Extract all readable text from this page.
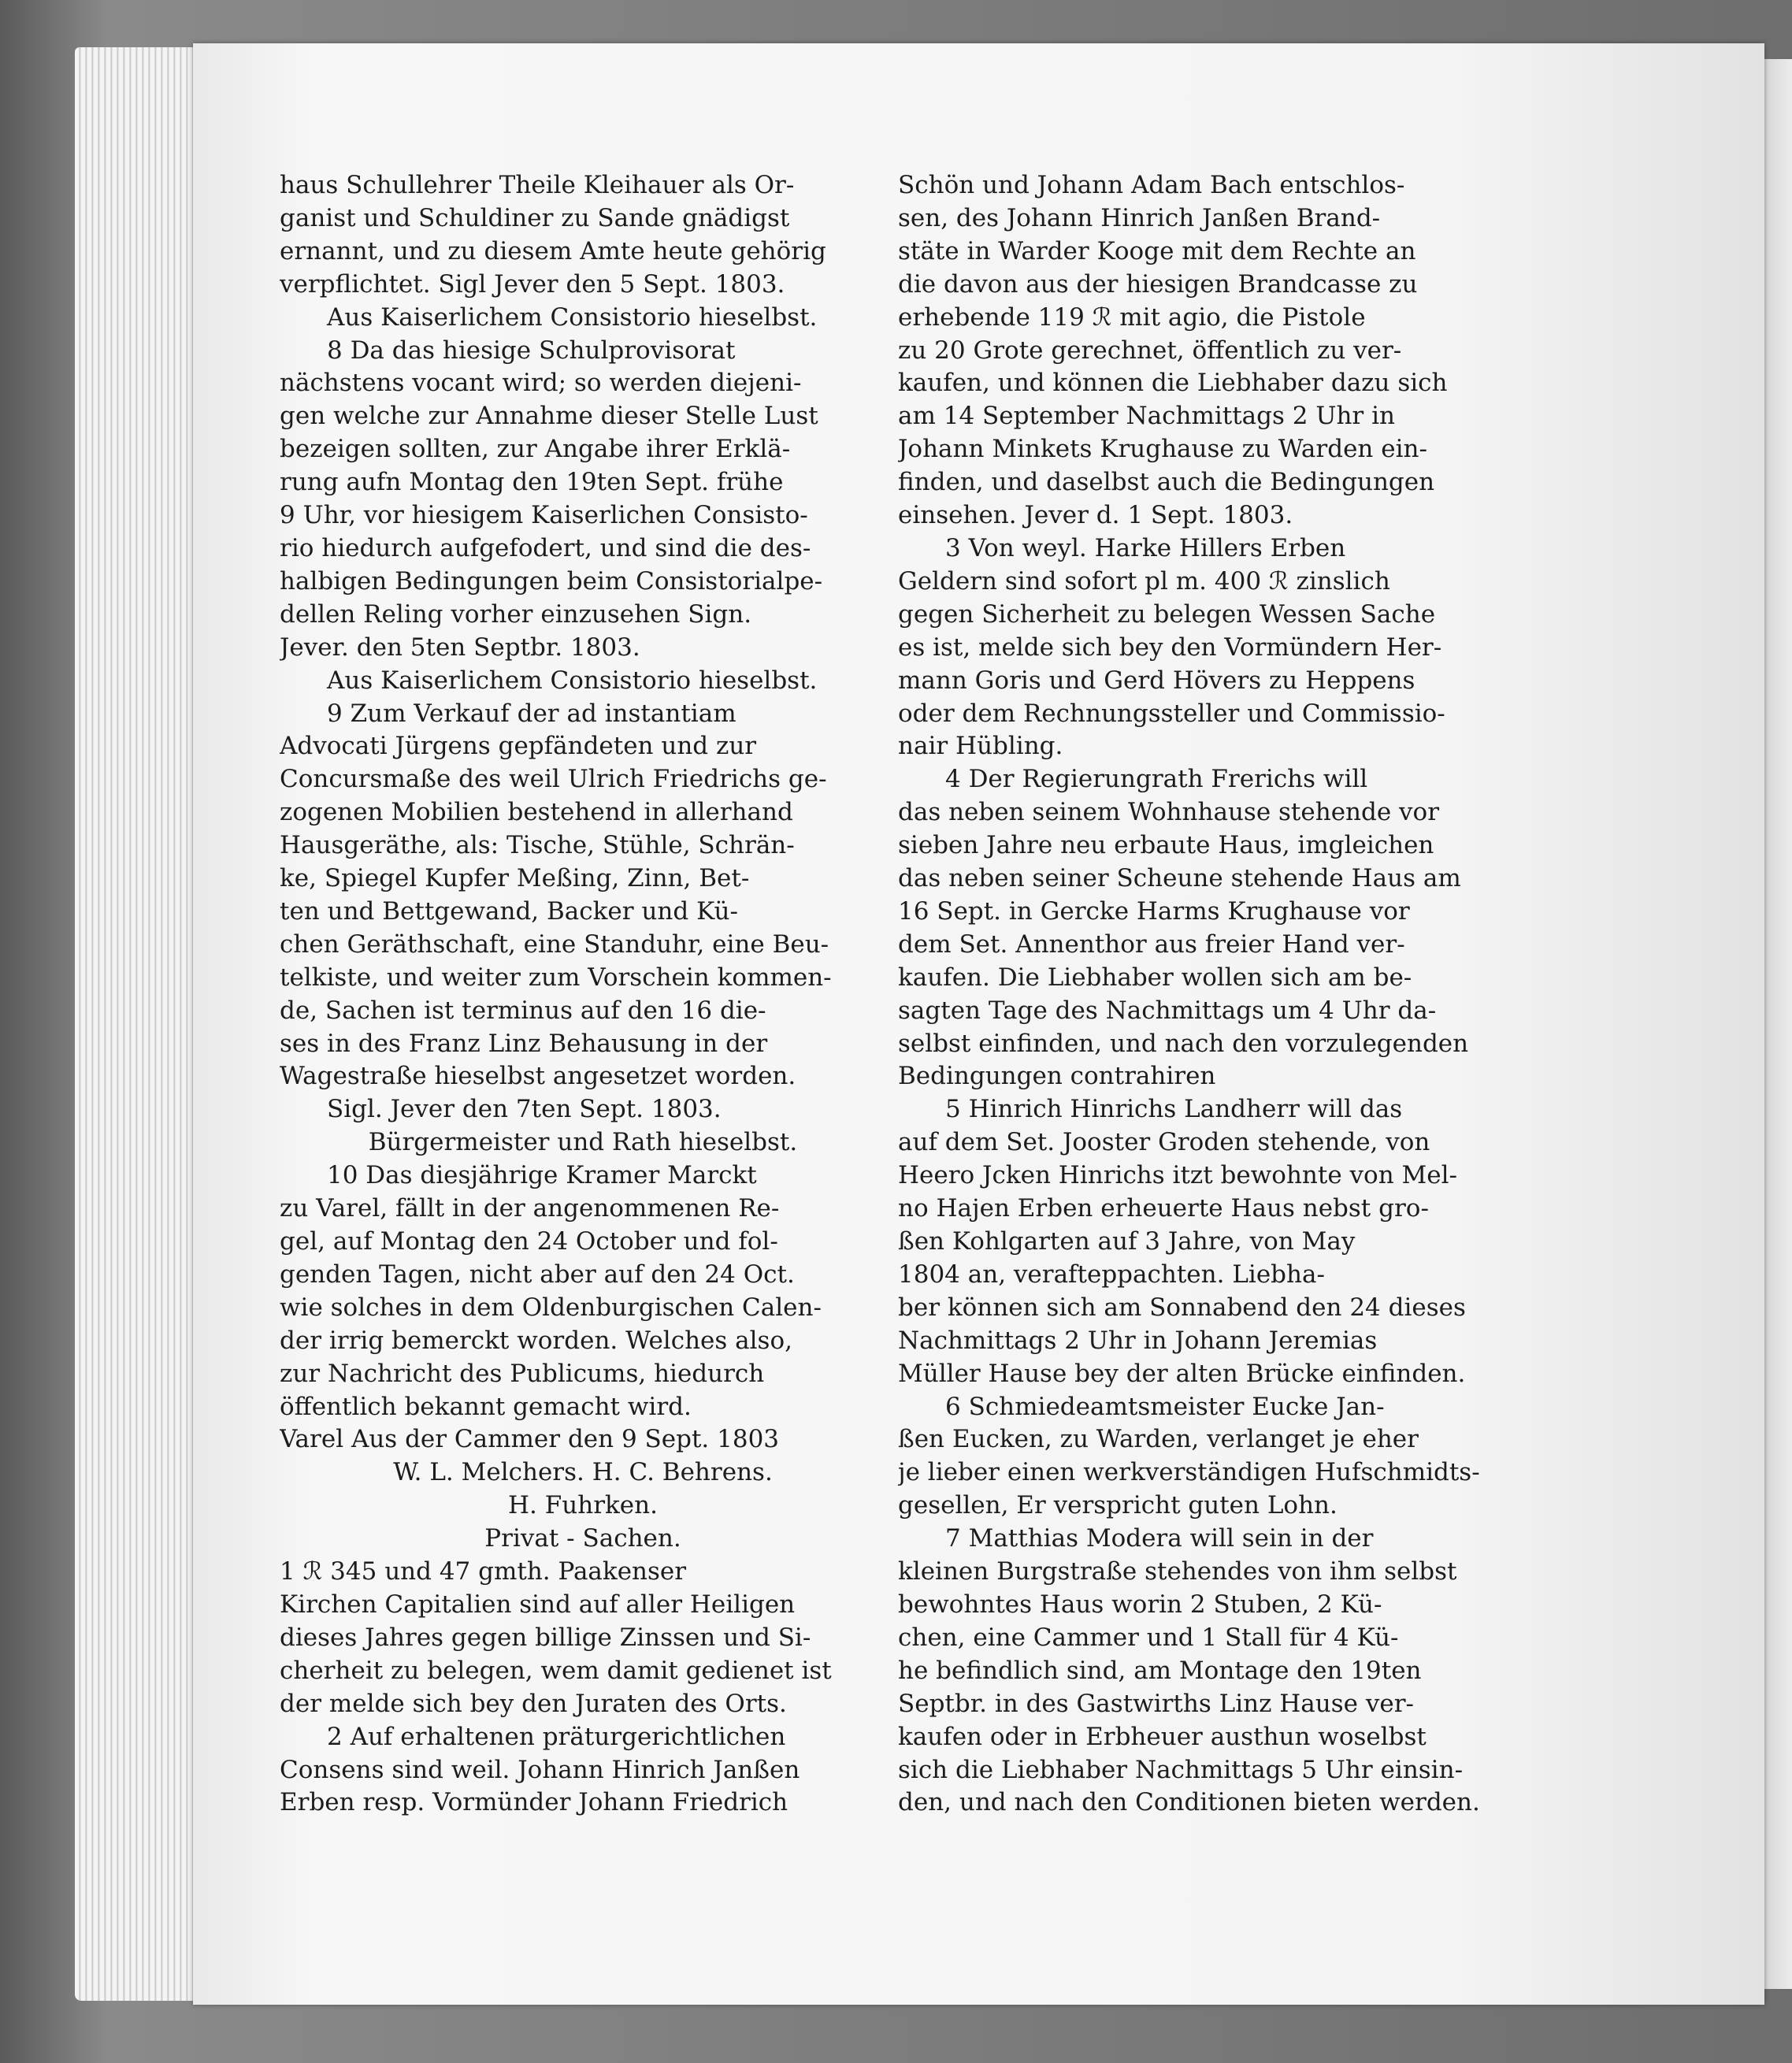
haus Schullehrer Theile Kleihauer als Or-
ganist und Schuldiner zu Sande gnädigst
ernannt, und zu diesem Amte heute gehörig
verpflichtet. Sigl Jever den 5 Sept. 1803.
Aus Kaiserlichem Consistorio hieselbst.
8 Da das hiesige Schulprovisorat
nächstens vocant wird; so werden diejeni-
gen welche zur Annahme dieser Stelle Lust
bezeigen sollten, zur Angabe ihrer Erklä-
rung aufn Montag den 19ten Sept. frühe
9 Uhr, vor hiesigem Kaiserlichen Consisto-
rio hiedurch aufgefodert, und sind die des-
halbigen Bedingungen beim Consistorialpe-
dellen Reling vorher einzusehen Sign.
Jever. den 5ten Septbr. 1803.
Aus Kaiserlichem Consistorio hieselbst.
9 Zum Verkauf der ad instantiam
Advocati Jürgens gepfändeten und zur
Concursmaße des weil Ulrich Friedrichs ge-
zogenen Mobilien bestehend in allerhand
Hausgeräthe, als: Tische, Stühle, Schrän-
ke, Spiegel Kupfer Meßing, Zinn, Bet-
ten und Bettgewand, Backer und Kü-
chen Geräthschaft, eine Standuhr, eine Beu-
telkiste, und weiter zum Vorschein kommen-
de, Sachen ist terminus auf den 16 die-
ses in des Franz Linz Behausung in der
Wagestraße hieselbst angesetzet worden.
Sigl. Jever den 7ten Sept. 1803.
Bürgermeister und Rath hieselbst.
10 Das diesjährige Kramer Marckt
zu Varel, fällt in der angenommenen Re-
gel, auf Montag den 24 October und fol-
genden Tagen, nicht aber auf den 24 Oct.
wie solches in dem Oldenburgischen Calen-
der irrig bemerckt worden. Welches also,
zur Nachricht des Publicums, hiedurch
öffentlich bekannt gemacht wird.
Varel Aus der Cammer den 9 Sept. 1803
W. L. Melchers. H. C. Behrens.
H. Fuhrken.
Privat - Sachen.
1 ℛ 345 und 47 gmth. Paakenser
Kirchen Capitalien sind auf aller Heiligen
dieses Jahres gegen billige Zinssen und Si-
cherheit zu belegen, wem damit gedienet ist
der melde sich bey den Juraten des Orts.
2 Auf erhaltenen präturgerichtlichen
Consens sind weil. Johann Hinrich Janßen
Erben resp. Vormünder Johann Friedrich
Schön und Johann Adam Bach entschlos-
sen, des Johann Hinrich Janßen Brand-
stäte in Warder Kooge mit dem Rechte an
die davon aus der hiesigen Brandcasse zu
erhebende 119 ℛ mit agio, die Pistole
zu 20 Grote gerechnet, öffentlich zu ver-
kaufen, und können die Liebhaber dazu sich
am 14 September Nachmittags 2 Uhr in
Johann Minkets Krughause zu Warden ein-
finden, und daselbst auch die Bedingungen
einsehen. Jever d. 1 Sept. 1803.
3 Von weyl. Harke Hillers Erben
Geldern sind sofort pl m. 400 ℛ zinslich
gegen Sicherheit zu belegen Wessen Sache
es ist, melde sich bey den Vormündern Her-
mann Goris und Gerd Hövers zu Heppens
oder dem Rechnungssteller und Commissio-
nair Hübling.
4 Der Regierungrath Frerichs will
das neben seinem Wohnhause stehende vor
sieben Jahre neu erbaute Haus, imgleichen
das neben seiner Scheune stehende Haus am
16 Sept. in Gercke Harms Krughause vor
dem Set. Annenthor aus freier Hand ver-
kaufen. Die Liebhaber wollen sich am be-
sagten Tage des Nachmittags um 4 Uhr da-
selbst einfinden, und nach den vorzulegenden
Bedingungen contrahiren
5 Hinrich Hinrichs Landherr will das
auf dem Set. Jooster Groden stehende, von
Heero Jcken Hinrichs itzt bewohnte von Mel-
no Hajen Erben erheuerte Haus nebst gro-
ßen Kohlgarten auf 3 Jahre, von May
1804 an, veraftерpachten. Liebha-
ber können sich am Sonnabend den 24 dieses
Nachmittags 2 Uhr in Johann Jeremias
Müller Hause bey der alten Brücke einfinden.
6 Schmiedeamtsmeister Eucke Jan-
ßen Eucken, zu Warden, verlanget je eher
je lieber einen werkverständigen Hufschmidts-
gesellen, Er verspricht guten Lohn.
7 Matthias Modera will sein in der
kleinen Burgstraße stehendes von ihm selbst
bewohntes Haus worin 2 Stuben, 2 Kü-
chen, eine Cammer und 1 Stall für 4 Kü-
he befindlich sind, am Montage den 19ten
Septbr. in des Gastwirths Linz Hause ver-
kaufen oder in Erbheuer austhun woselbst
sich die Liebhaber Nachmittags 5 Uhr einsin-
den, und nach den Conditionen bieten werden.
